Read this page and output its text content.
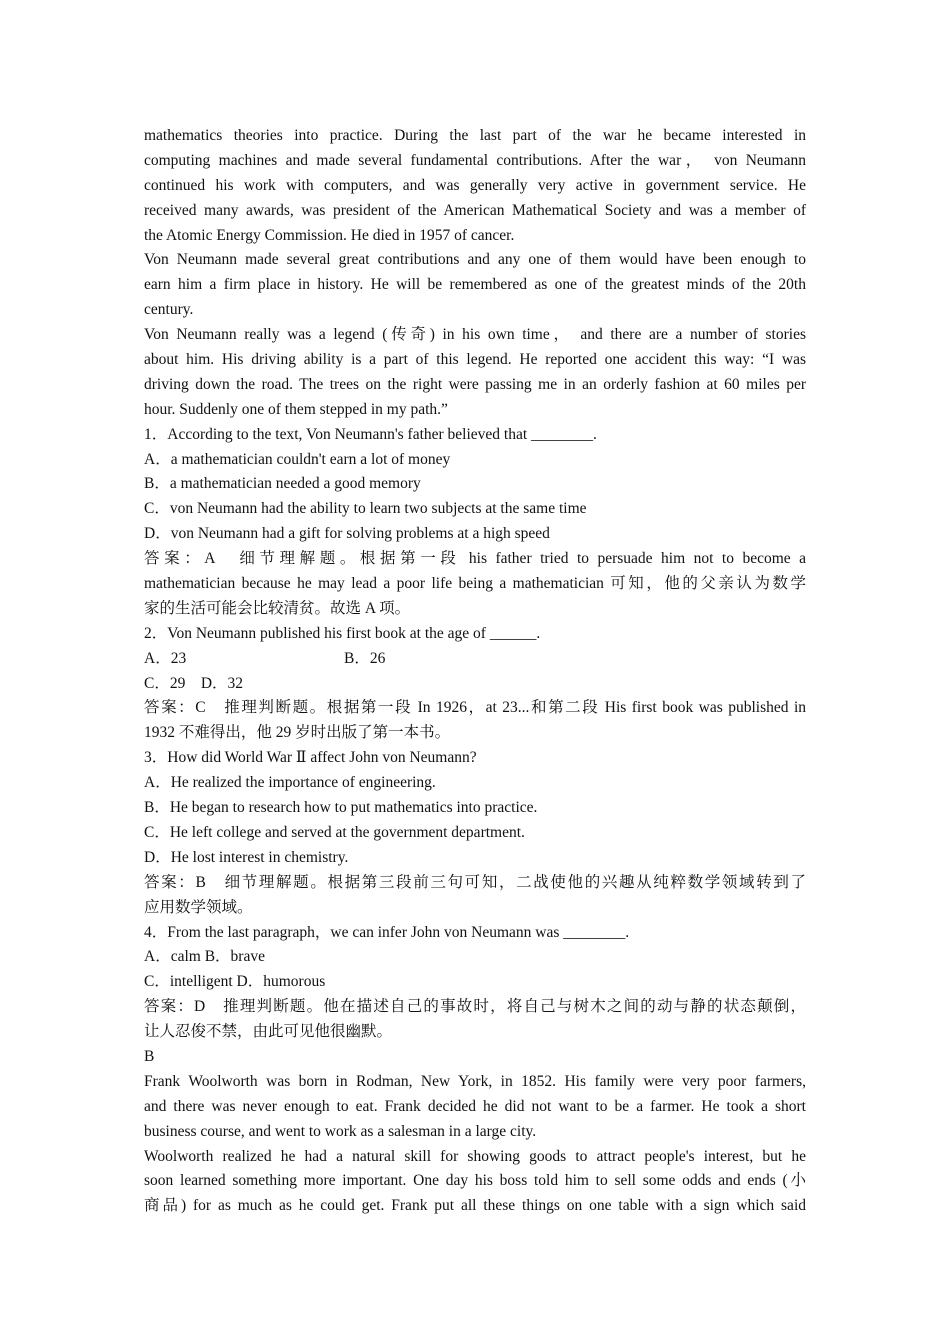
mathematics theories into practice. During the last part of the war he became interested in
computing machines and made several fundamental contributions. After the war， von Neumann
continued his work with computers, and was generally very active in government service. He
received many awards, was president of the American Mathematical Society and was a member of
the Atomic Energy Commission. He died in 1957 of cancer.
Von Neumann made several great contributions and any one of them would have been enough to
earn him a firm place in history. He will be remembered as one of the greatest minds of the 20th
century.
Von Neumann really was a legend (传奇) in his own time， and there are a number of stories
about him. His driving ability is a part of this legend. He reported one accident this way: “I was
driving down the road. The trees on the right were passing me in an orderly fashion at 60 miles per
hour. Suddenly one of them stepped in my path.”
1．According to the text, Von Neumann's father believed that ________.
A．a mathematician couldn't earn a lot of money
B．a mathematician needed a good memory
C．von Neumann had the ability to learn two subjects at the same time
D．von Neumann had a gift for solving problems at a high speed
答案：A　细节理解题。根据第一段 his father tried to persuade him not to become a
mathematician because he may lead a poor life being a mathematician 可知，他的父亲认为数学
家的生活可能会比较清贫。故选 A 项。
2．Von Neumann published his first book at the age of ______.
A．23	B．26
C．29　D．32
答案：C　推理判断题。根据第一段 In 1926，at 23...和第二段 His first book was published in
1932 不难得出，他 29 岁时出版了第一本书。
3．How did World War Ⅱ affect John von Neumann?
A．He realized the importance of engineering.
B．He began to research how to put mathematics into practice.
C．He left college and served at the government department.
D．He lost interest in chemistry.
答案：B　细节理解题。根据第三段前三句可知，二战使他的兴趣从纯粹数学领域转到了
应用数学领域。
4．From the last paragraph，we can infer John von Neumann was ________.
A．calm B．brave
C．intelligent D．humorous
答案：D　推理判断题。他在描述自己的事故时，将自己与树木之间的动与静的状态颠倒，
让人忍俊不禁，由此可见他很幽默。
B
Frank Woolworth was born in Rodman, New York, in 1852. His family were very poor farmers,
and there was never enough to eat. Frank decided he did not want to be a farmer. He took a short
business course, and went to work as a salesman in a large city.
Woolworth realized he had a natural skill for showing goods to attract people's interest, but he
soon learned something more important. One day his boss told him to sell some odds and ends (小
商品) for as much as he could get. Frank put all these things on one table with a sign which said
